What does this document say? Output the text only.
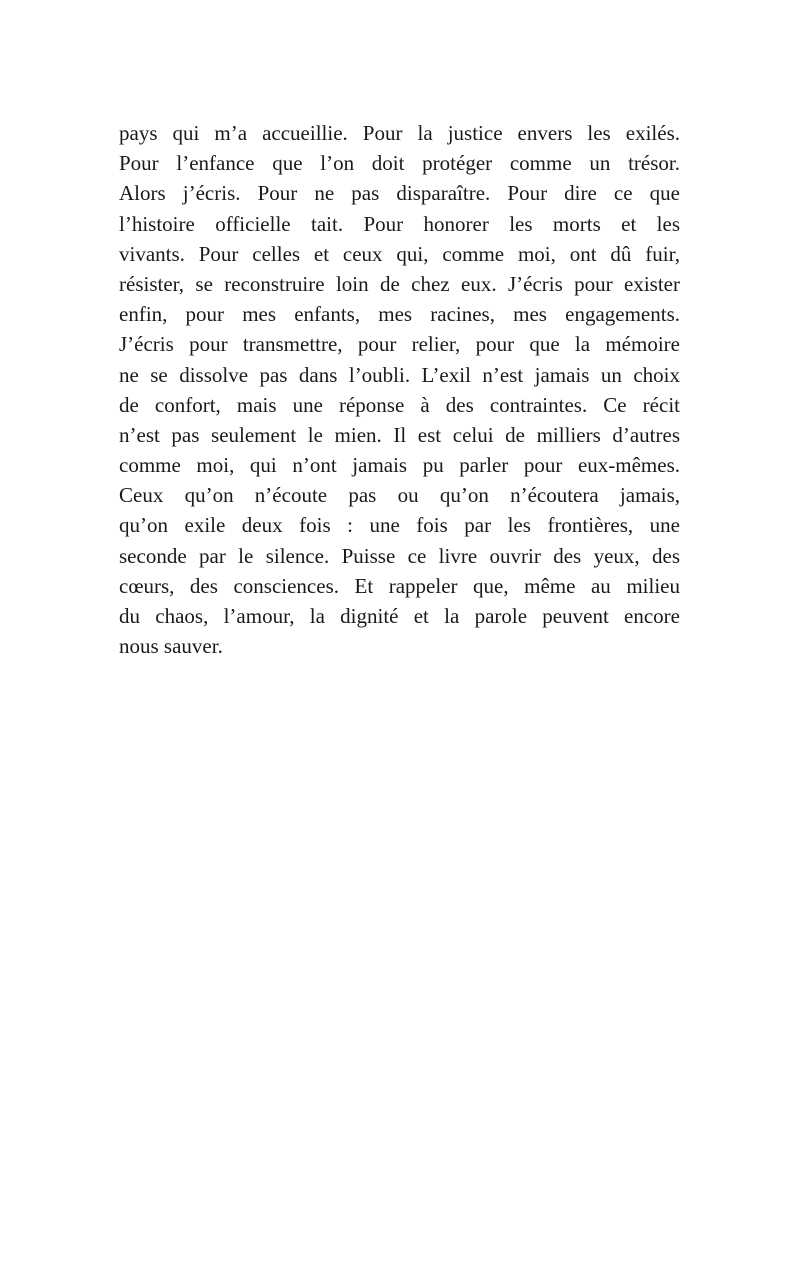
pays qui m’a accueillie. Pour la justice envers les exilés.
Pour l’enfance que l’on doit protéger comme un trésor.
Alors j’écris. Pour ne pas disparaître. Pour dire ce que
l’histoire officielle tait. Pour honorer les morts et les
vivants. Pour celles et ceux qui, comme moi, ont dû fuir,
résister, se reconstruire loin de chez eux. J’écris pour exister
enfin, pour mes enfants, mes racines, mes engagements.
J’écris pour transmettre, pour relier, pour que la mémoire
ne se dissolve pas dans l’oubli. L’exil n’est jamais un choix
de confort, mais une réponse à des contraintes. Ce récit
n’est pas seulement le mien. Il est celui de milliers d’autres
comme moi, qui n’ont jamais pu parler pour eux-mêmes.
Ceux qu’on n’écoute pas ou qu’on n’écoutera jamais,
qu’on exile deux fois : une fois par les frontières, une
seconde par le silence. Puisse ce livre ouvrir des yeux, des
cœurs, des consciences. Et rappeler que, même au milieu
du chaos, l’amour, la dignité et la parole peuvent encore
nous sauver.
